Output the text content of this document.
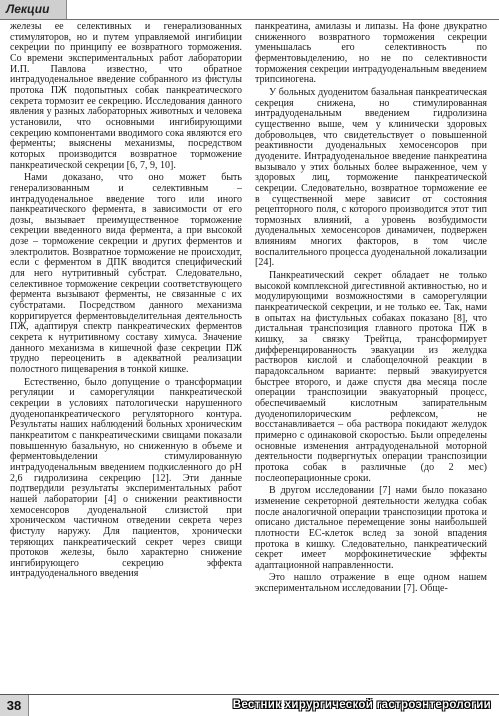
Лекции

железы ее селективных и генерализованных стимуляторов, но и путем управляемой ингибиции секреции по принципу ее возвратного торможения. Со времени экспериментальных работ лаборатории И.П. Павлова известно, что обратное интрадуоденальное введение собранного из фистулы протока ПЖ подопытных собак панкреатического секрета тормозит ее секрецию. Исследования данного явления у разных лабораторных животных и человека установили, что основными ингибирующими секрецию компонентами вводимого сока являются его ферменты; выяснены механизмы, посредством которых производится возвратное торможение панкреатической секреции [6, 7, 9, 10].

Нами доказано, что оно может быть генерализованным и селективным – интрадуоденальное введение того или иного панкреатического фермента, в зависимости от его дозы, вызывает преимущественное торможение секреции введенного вида фермента, а при высокой дозе – торможение секреции и других ферментов и электролитов. Возвратное торможение не происходит, если с ферментом в ДПК вводится специфический для него нутритивный субстрат. Следовательно, селективное торможение секреции соответствующего фермента вызывают ферменты, не связанные с их субстратами. Посредством данного механизма корригируется ферментовыделительная деятельность ПЖ, адаптируя спектр панкреатических ферментов секрета к нутритивному составу химуса. Значение данного механизма в кишечной фазе секреции ПЖ трудно переоценить в адекватной реализации полостного пищеварения в тонкой кишке.

Естественно, было допущение о трансформации регуляции и саморегуляции панкреатической секреции в условиях патологически нарушенного дуоденопанкреатического регуляторного контура. Результаты наших наблюдений больных хроническим панкреатитом с панкреатическими свищами показали повышенную базальную, но сниженную в объеме и ферментовыделении стимулированную интрадуоденальным введением подкисленного до pH 2,6 гидролизина секрецию [12]. Эти данные подтвердили результаты экспериментальных работ нашей лаборатории [4] о снижении реактивности хемосенсоров дуоденальной слизистой при хроническом частичном отведении секрета через фистулу наружу. Для пациентов, хронически теряющих панкреатический секрет через свищи протоков железы, было характерно снижение ингибирующего секрецию эффекта интрадуоденального введения

панкреатина, амилазы и липазы. На фоне двукратно сниженного возвратного торможения секреции уменьшалась его селективность по ферментовыделению, но не по селективности торможения секреции интрадуоденальным введением трипсиногена.

У больных дуоденитом базальная панкреатическая секреция снижена, но стимулированная интрадуоденальным введением гидролизина существенно выше, чем у клинически здоровых добровольцев, что свидетельствует о повышенной реактивности дуоденальных хемосенсоров при дуодените. Интрадуоденальное введение панкреатина вызывало у этих больных более выраженное, чем у здоровых лиц, торможение панкреатической секреции. Следовательно, возвратное торможение ее в существенной мере зависит от состояния рецепторного поля, с которого производится этот тип тормозных влияний, а уровень возбудимости дуоденальных хемосенсоров динамичен, подвержен влияниям многих факторов, в том числе воспалительного процесса дуоденальной локализации [24].

Панкреатический секрет обладает не только высокой комплексной дигестивной активностью, но и модулирующими возможностями в саморегуляции панкреатической секреции, и не только ее. Так, нами в опытах на фистульных собаках показано [8], что дистальная транспозиция главного протока ПЖ в кишку, за связку Трейтца, трансформирует дифференцированность эвакуации из желудка растворов кислой и слабощелочной реакции в парадоксальном варианте: первый эвакуируется быстрее второго, и даже спустя два месяца после операции транспозиции эвакуаторный процесс, обеспечиваемый кислотным запирательным дуоденопилорическим рефлексом, не восстанавливается – оба раствора покидают желудок примерно с одинаковой скоростью. Были определены основные изменения антрадуоденальной моторной деятельности подвергнутых операции транспозиции протока собак в различные (до 2 мес) послеоперационные сроки.

В другом исследовании [7] нами было показано изменение секреторной деятельности желудка собак после аналогичной операции транспозиции протока и описано дистальное перемещение зоны наибольшей плотности ЕС-клеток вслед за зоной впадения протока в кишку. Следовательно, панкреатический секрет имеет морфокинетические эффекты адаптационной направленности.

Это нашло отражение в еще одном нашем экспериментальном исследовании [7]. Обще-

38	Вестник хирургической гастроэнтерологии
